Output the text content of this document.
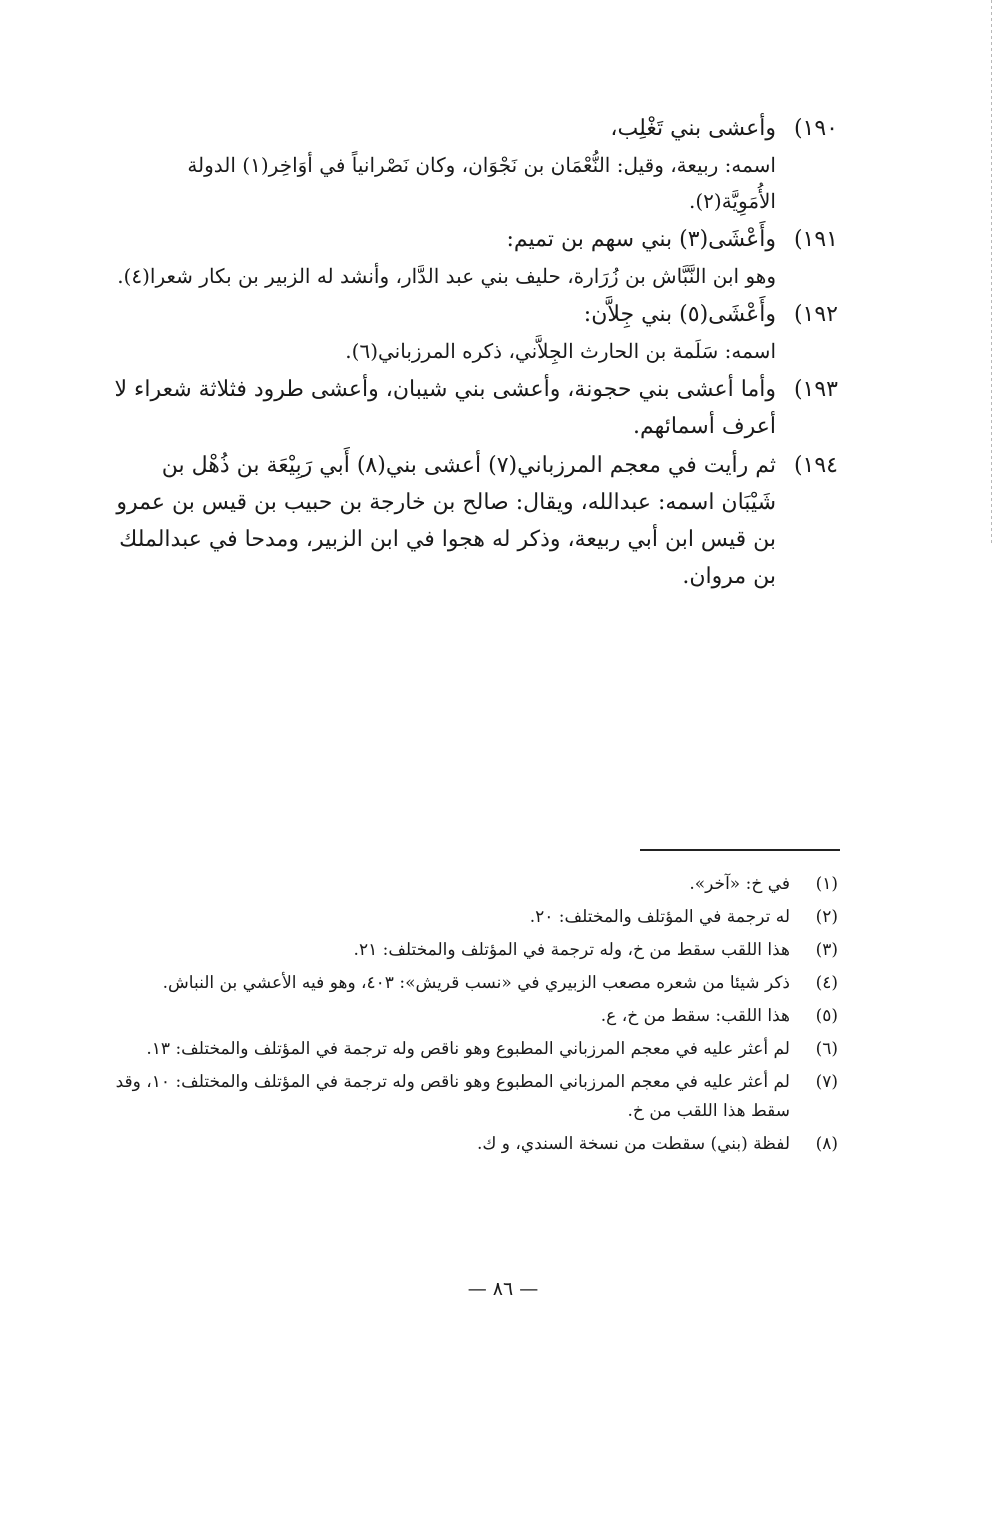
١٩٠)
وأعشى بني تَغْلِب،
اسمه: ربيعة، وقيل: النُّعْمَان بن نَجْوَان، وكان نَصْرانياً في أوَاخِر(١) الدولة الأُمَوِيَّة(٢).
١٩١)
وأَعْشَى(٣) بني سهم بن تميم:
وهو ابن النَّبَّاش بن زُرَارة، حليف بني عبد الدَّار، وأنشد له الزبير بن بكار شعرا(٤).
١٩٢)
وأَعْشَى(٥) بني جِلاَّن:
اسمه: سَلَمة بن الحارث الجِلاَّني، ذكره المرزباني(٦).
١٩٣)
وأما أعشى بني حجونة، وأعشى بني شيبان، وأعشى طرود فثلاثة شعراء لا أعرف أسمائهم.
١٩٤)
ثم رأيت في معجم المرزباني(٧) أعشى بني(٨) أَبي رَبِيْعَة بن ذُهْل بن شَيْبَان اسمه: عبدالله، ويقال: صالح بن خارجة بن حبيب بن قيس بن عمرو بن قيس ابن أبي ربيعة، وذكر له هجوا في ابن الزبير، ومدحا في عبدالملك بن مروان.
(١)
في خ: «آخر».
(٢)
له ترجمة في المؤتلف والمختلف: ٢٠.
(٣)
هذا اللقب سقط من خ، وله ترجمة في المؤتلف والمختلف: ٢١.
(٤)
ذكر شيئا من شعره مصعب الزبيري في «نسب قريش»: ٤٠٣، وهو فيه الأعشي بن النباش.
(٥)
هذا اللقب: سقط من خ، ع.
(٦)
لم أعثر عليه في معجم المرزباني المطبوع وهو ناقص وله ترجمة في المؤتلف والمختلف: ١٣.
(٧)
لم أعثر عليه في معجم المرزباني المطبوع وهو ناقص وله ترجمة في المؤتلف والمختلف: ١٠، وقد سقط هذا اللقب من خ.
(٨)
لفظة (بني) سقطت من نسخة السندي، و ك.
— ٨٦ —
